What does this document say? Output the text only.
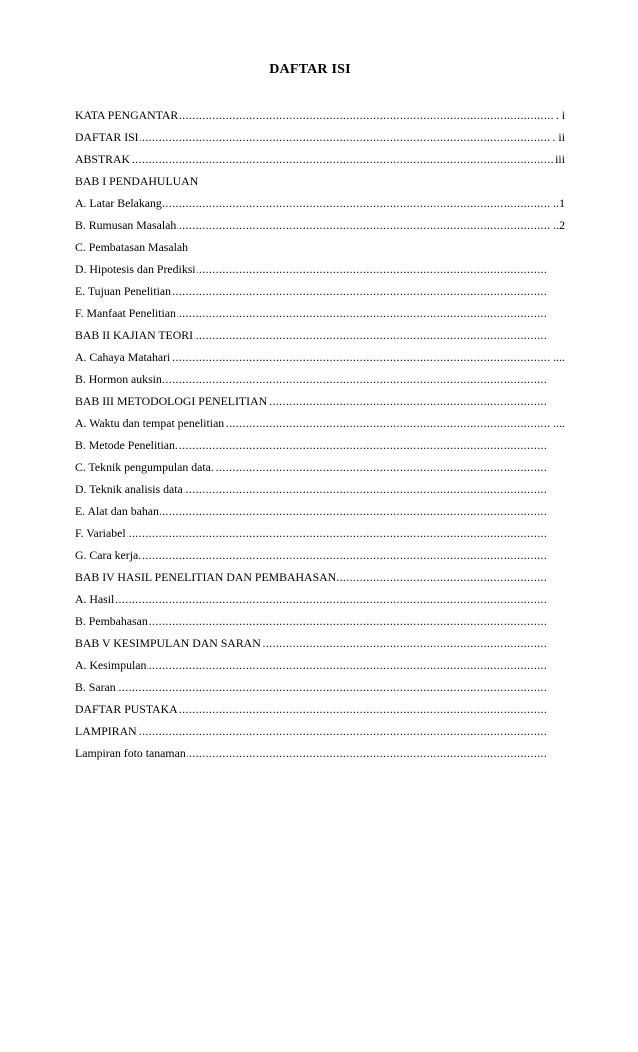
DAFTAR ISI
..... KATA PENGANTAR	. i
..... DAFTAR ISI	. ii
..... ABSTRAK	iii
BAB I PENDAHULUAN
..... A. Latar Belakang	..1
..... B. Rumusan Masalah	..2
C. Pembatasan Masalah
..... D. Hipotesis dan Prediksi
..... E. Tujuan Penelitian
..... F. Manfaat Penelitian
..... BAB II KAJIAN TEORI
..... A. Cahaya Matahari	....
..... B. Hormon auksin.
..... BAB III METODOLOGI PENELITIAN
..... A. Waktu dan tempat penelitian	....
..... B. Metode Penelitian.
..... C. Teknik pengumpulan data.
..... D. Teknik analisis data
..... E. Alat dan bahan
..... F. Variabel
..... G. Cara kerja.
..... BAB IV HASIL PENELITIAN DAN PEMBAHASAN
..... A. Hasil
..... B. Pembahasan
..... BAB V KESIMPULAN DAN SARAN
..... A. Kesimpulan
..... B. Saran
..... DAFTAR PUSTAKA
..... LAMPIRAN
..... Lampiran foto tanaman
